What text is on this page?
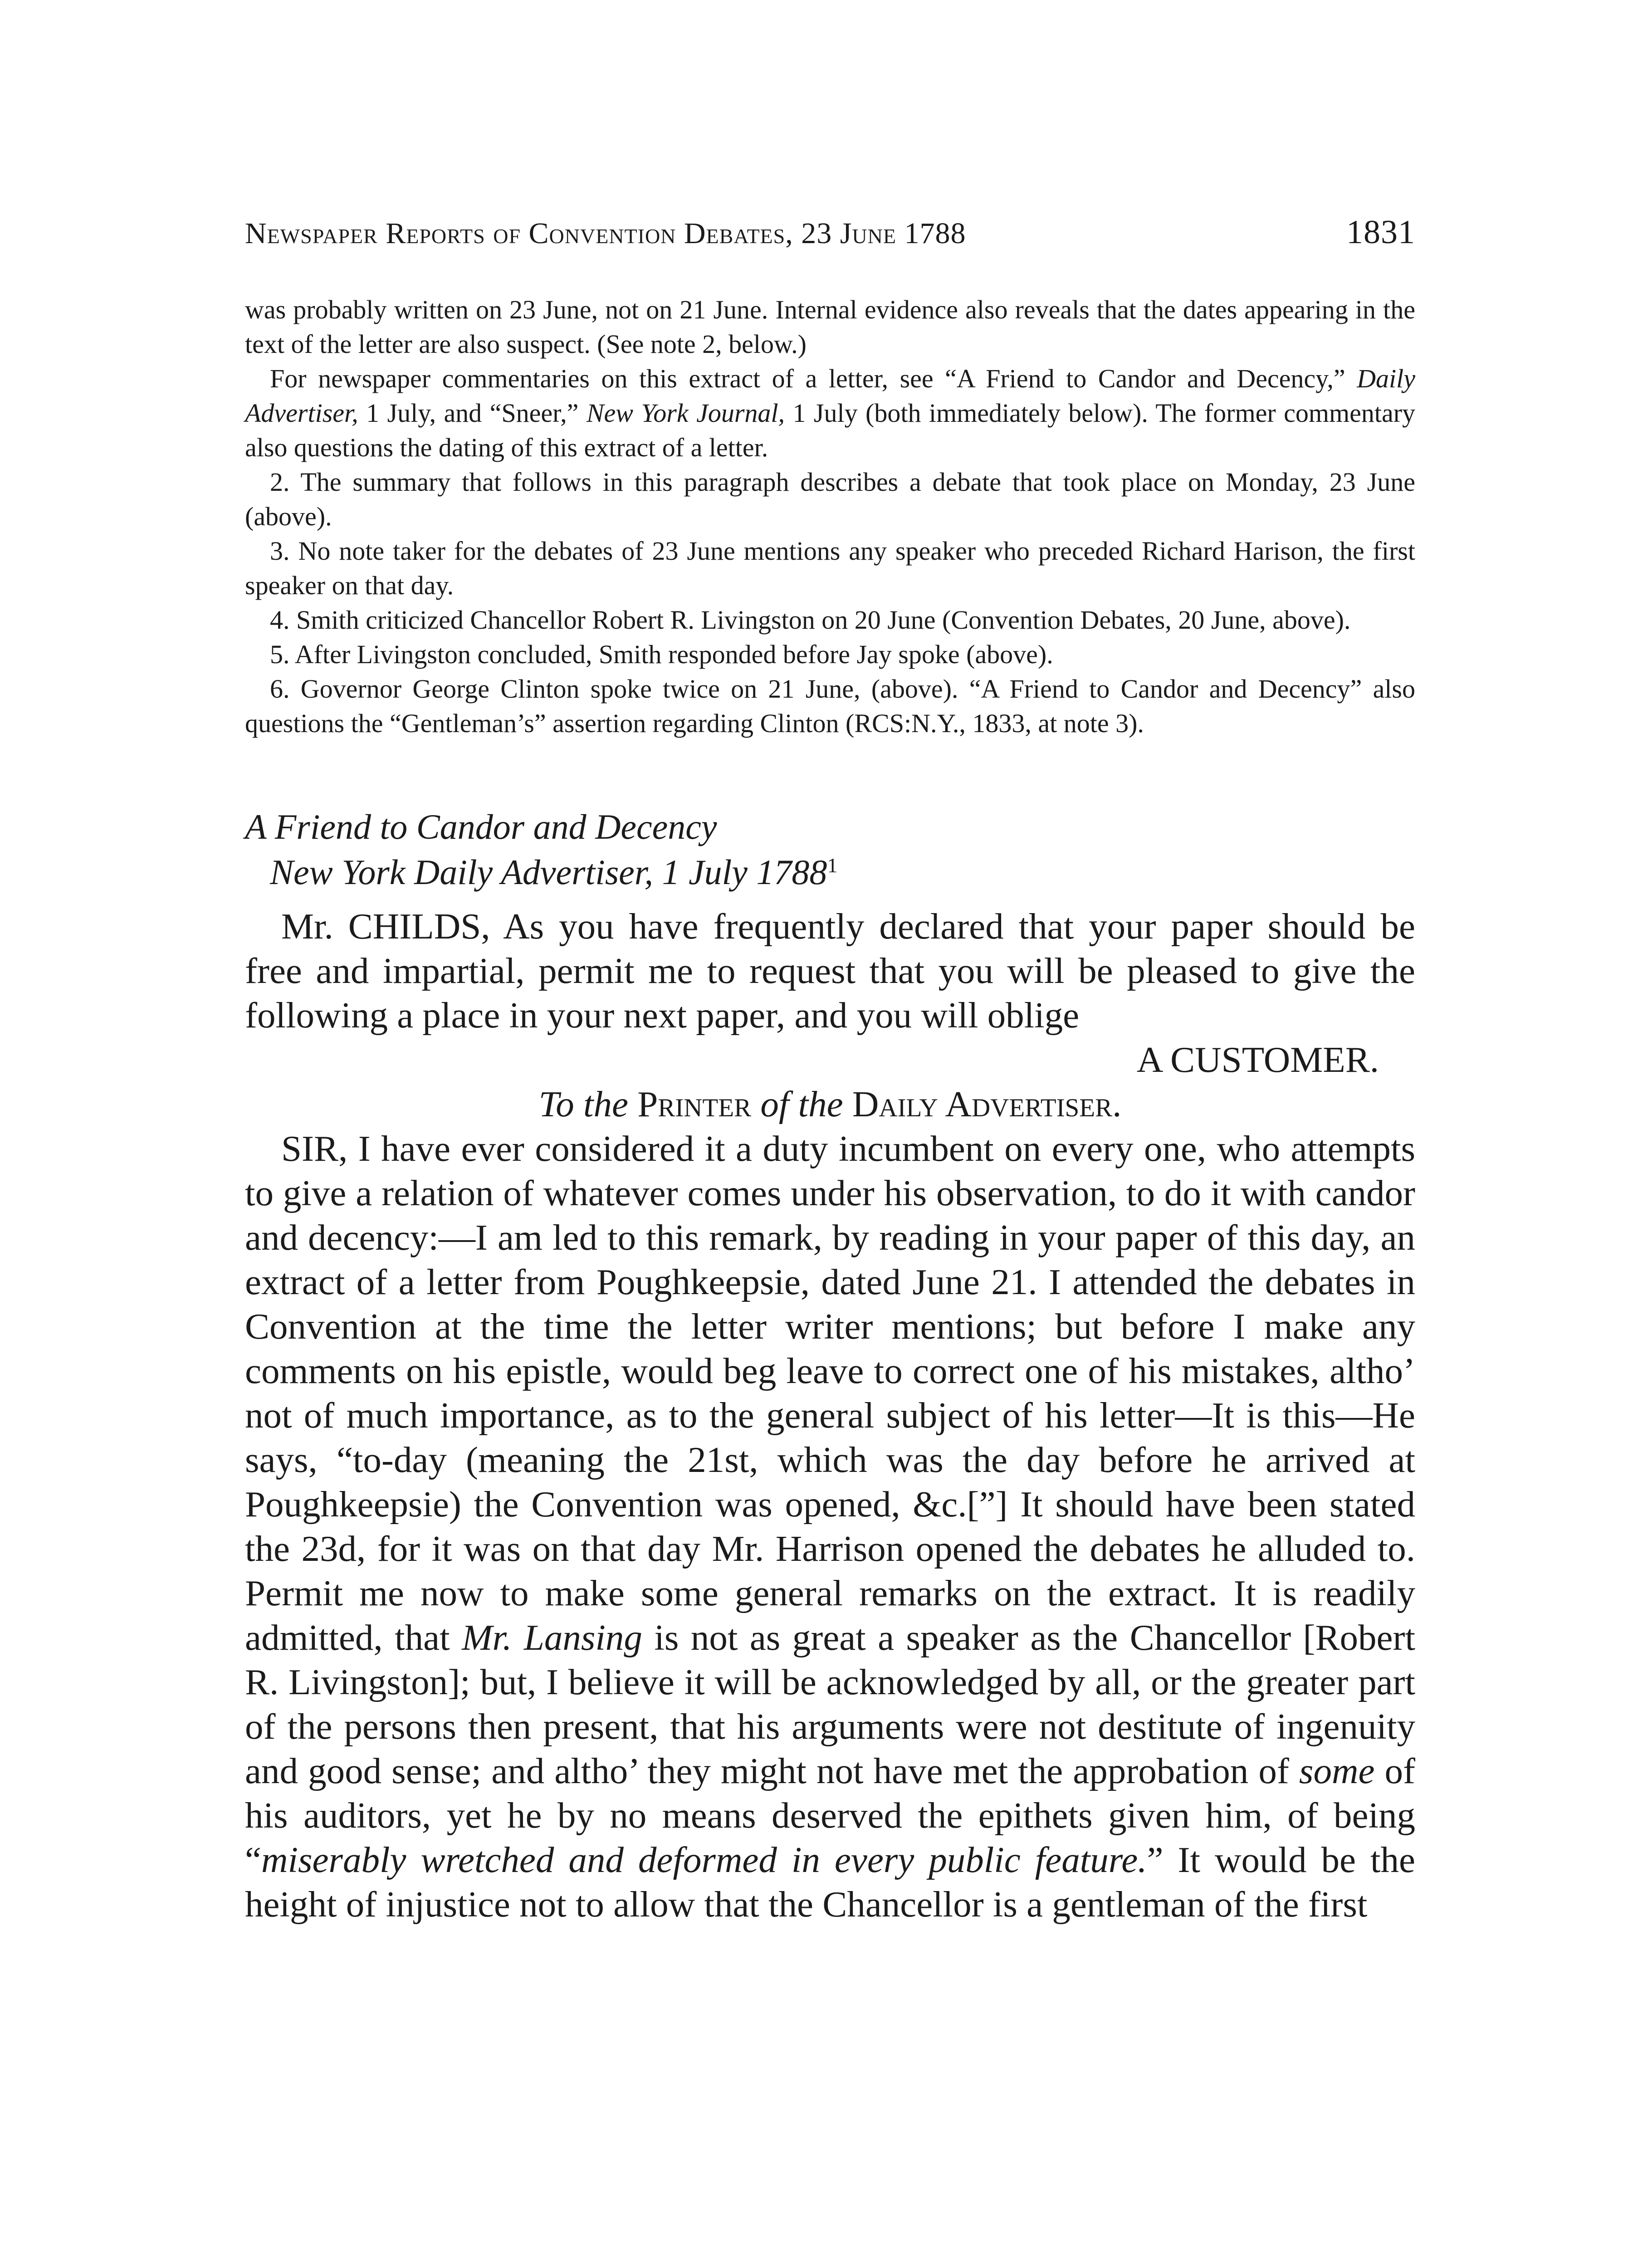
Newspaper Reports of Convention Debates, 23 June 1788	1831

was probably written on 23 June, not on 21 June. Internal evidence also reveals that the dates appearing in the text of the letter are also suspect. (See note 2, below.)

For newspaper commentaries on this extract of a letter, see “A Friend to Candor and Decency,” Daily Advertiser, 1 July, and “Sneer,” New York Journal, 1 July (both immediately below). The former commentary also questions the dating of this extract of a letter.

2. The summary that follows in this paragraph describes a debate that took place on Monday, 23 June (above).

3. No note taker for the debates of 23 June mentions any speaker who preceded Richard Harison, the first speaker on that day.

4. Smith criticized Chancellor Robert R. Livingston on 20 June (Convention Debates, 20 June, above).

5. After Livingston concluded, Smith responded before Jay spoke (above).

6. Governor George Clinton spoke twice on 21 June, (above). “A Friend to Candor and Decency” also questions the “Gentleman’s” assertion regarding Clinton (RCS:N.Y., 1833, at note 3).

A Friend to Candor and Decency
New York Daily Advertiser, 1 July 1788$^1$

Mr. CHILDS, As you have frequently declared that your paper should be free and impartial, permit me to request that you will be pleased to give the following a place in your next paper, and you will oblige

A CUSTOMER.
To the Printer of the Daily Advertiser.

SIR, I have ever considered it a duty incumbent on every one, who attempts to give a relation of whatever comes under his observation, to do it with candor and decency:—I am led to this remark, by reading in your paper of this day, an extract of a letter from Poughkeepsie, dated June 21. I attended the debates in Convention at the time the letter writer mentions; but before I make any comments on his epistle, would beg leave to correct one of his mistakes, altho’ not of much importance, as to the general subject of his letter—It is this—He says, “to-day (meaning the 21st, which was the day before he arrived at Poughkeepsie) the Convention was opened, &c.[”] It should have been stated the 23d, for it was on that day Mr. Harrison opened the debates he alluded to. Permit me now to make some general remarks on the extract. It is readily admitted, that Mr. Lansing is not as great a speaker as the Chancellor [Robert R. Livingston]; but, I believe it will be acknowledged by all, or the greater part of the persons then present, that his arguments were not destitute of ingenuity and good sense; and altho’ they might not have met the approbation of some of his auditors, yet he by no means deserved the epithets given him, of being “miserably wretched and deformed in every public feature.” It would be the height of injustice not to allow that the Chancellor is a gentleman of the first
